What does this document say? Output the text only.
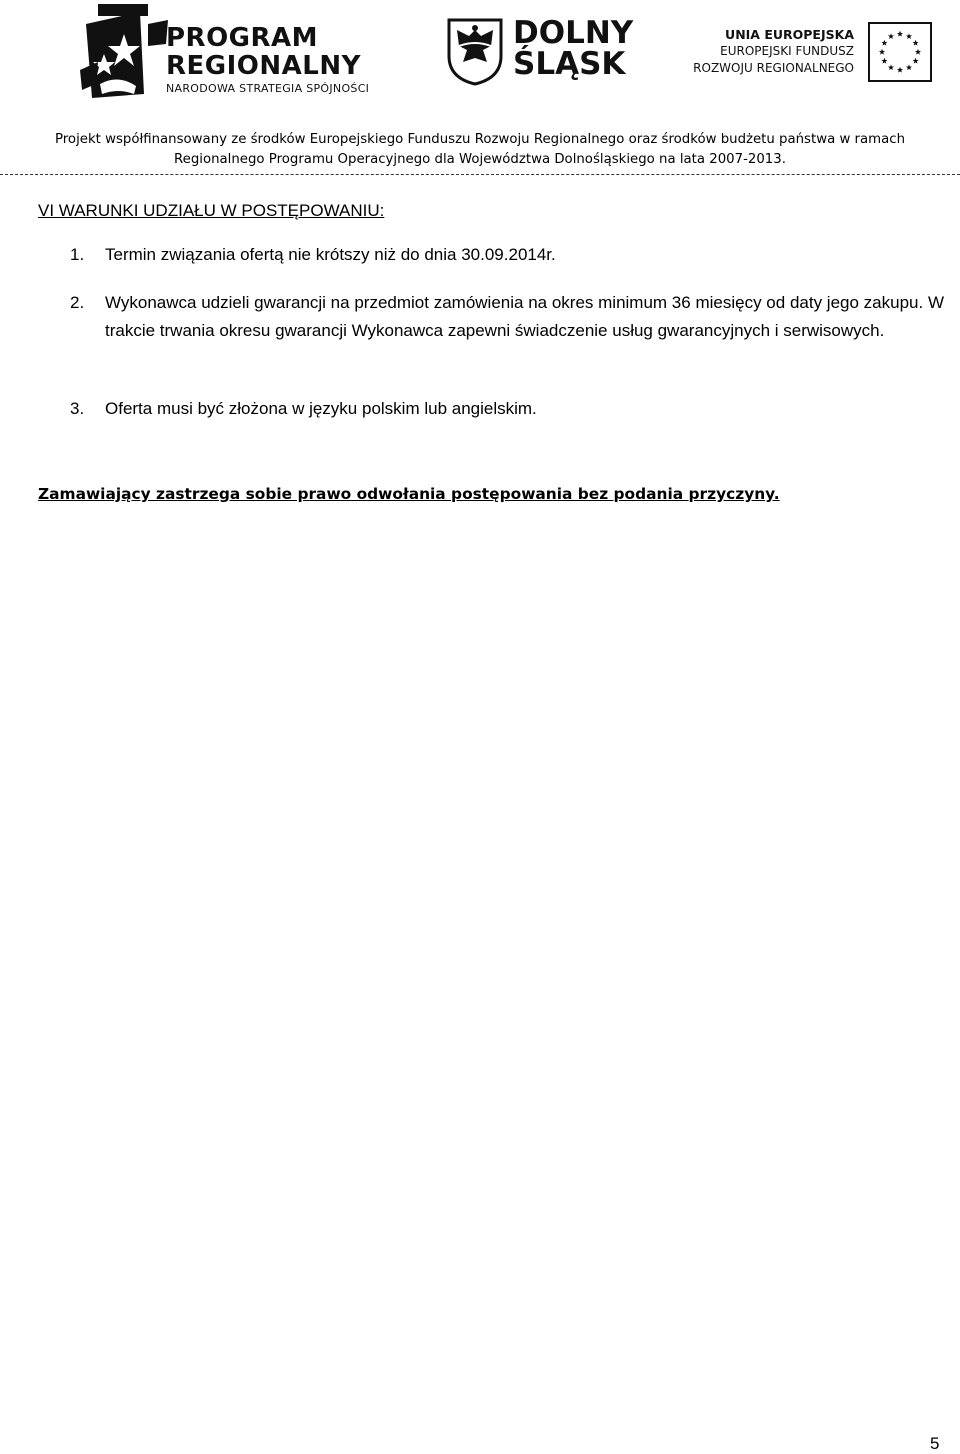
PROGRAM
REGIONALNY
NARODOWA STRATEGIA SPÓJNOŚCI
DOLNY
ŚLĄSK
UNIA EUROPEJSKA
EUROPEJSKI FUNDUSZ
ROZWOJU REGIONALNEGO
Projekt współfinansowany ze środków Europejskiego Funduszu Rozwoju Regionalnego oraz środków budżetu państwa w ramach
Regionalnego Programu Operacyjnego dla Województwa Dolnośląskiego na lata 2007-2013.
VI WARUNKI UDZIAŁU W POSTĘPOWANIU:
1. Termin związania ofertą nie krótszy niż do dnia 30.09.2014r.
2. Wykonawca udzieli gwarancji na przedmiot zamówienia na okres minimum 36 miesięcy od daty jego zakupu. W trakcie trwania okresu gwarancji Wykonawca zapewni świadczenie usług gwarancyjnych i serwisowych.
3. Oferta musi być złożona w języku polskim lub angielskim.
Zamawiający zastrzega sobie prawo odwołania postępowania bez podania przyczyny.
5
